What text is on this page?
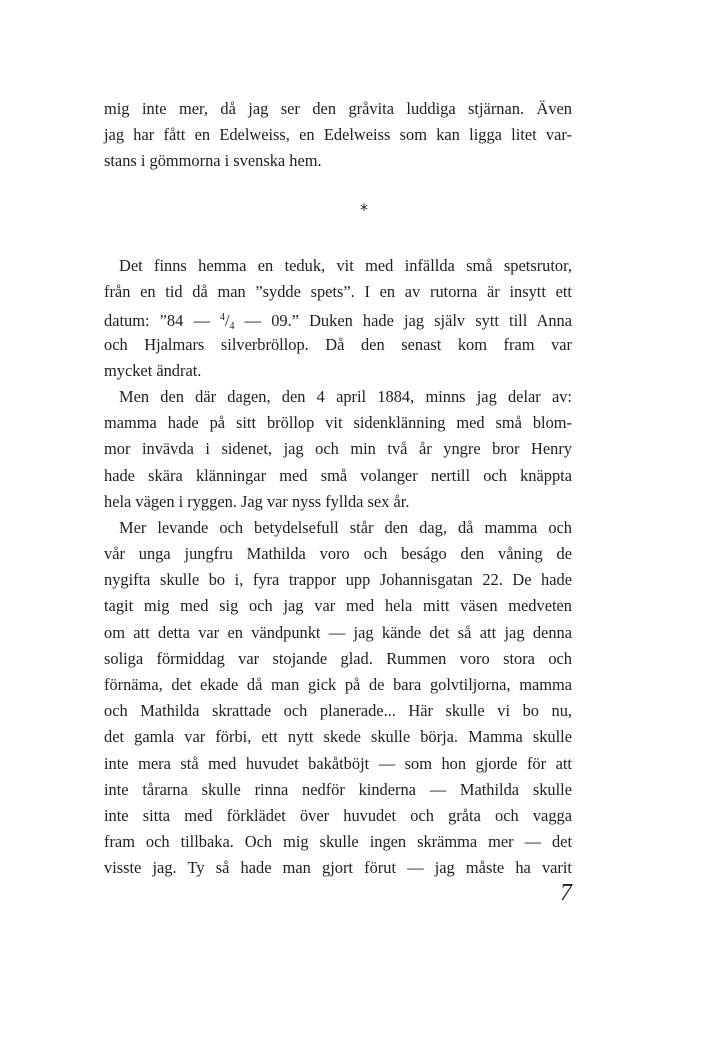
mig inte mer, då jag ser den gråvita luddiga stjärnan. Även
jag har fått en Edelweiss, en Edelweiss som kan ligga litet var-
stans i gömmorna i svenska hem.
*
Det finns hemma en teduk, vit med infällda små spetsrutor,
från en tid då man ”sydde spets”. I en av rutorna är insytt ett
datum: ”84 — $^4/_4$ — 09.” Duken hade jag själv sytt till Anna
och Hjalmars silverbröllop. Då den senast kom fram var
mycket ändrat.
Men den där dagen, den 4 april 1884, minns jag delar av:
mamma hade på sitt bröllop vit sidenklänning med små blom-
mor invävda i sidenet, jag och min två år yngre bror Henry
hade skära klänningar med små volanger nertill och knäppta
hela vägen i ryggen. Jag var nyss fyllda sex år.
Mer levande och betydelsefull står den dag, då mamma och
vår unga jungfru Mathilda voro och beságo den våning de
nygifta skulle bo i, fyra trappor upp Johannisgatan 22. De hade
tagit mig med sig och jag var med hela mitt väsen medveten
om att detta var en vändpunkt — jag kände det så att jag denna
soliga förmiddag var stojande glad. Rummen voro stora och
förnäma, det ekade då man gick på de bara golvtiljorna, mamma
och Mathilda skrattade och planerade... Här skulle vi bo nu,
det gamla var förbi, ett nytt skede skulle börja. Mamma skulle
inte mera stå med huvudet bakåtböjt — som hon gjorde för att
inte tårarna skulle rinna nedför kinderna — Mathilda skulle
inte sitta med förklädet över huvudet och gråta och vagga
fram och tillbaka. Och mig skulle ingen skrämma mer — det
visste jag. Ty så hade man gjort förut — jag måste ha varit
7
